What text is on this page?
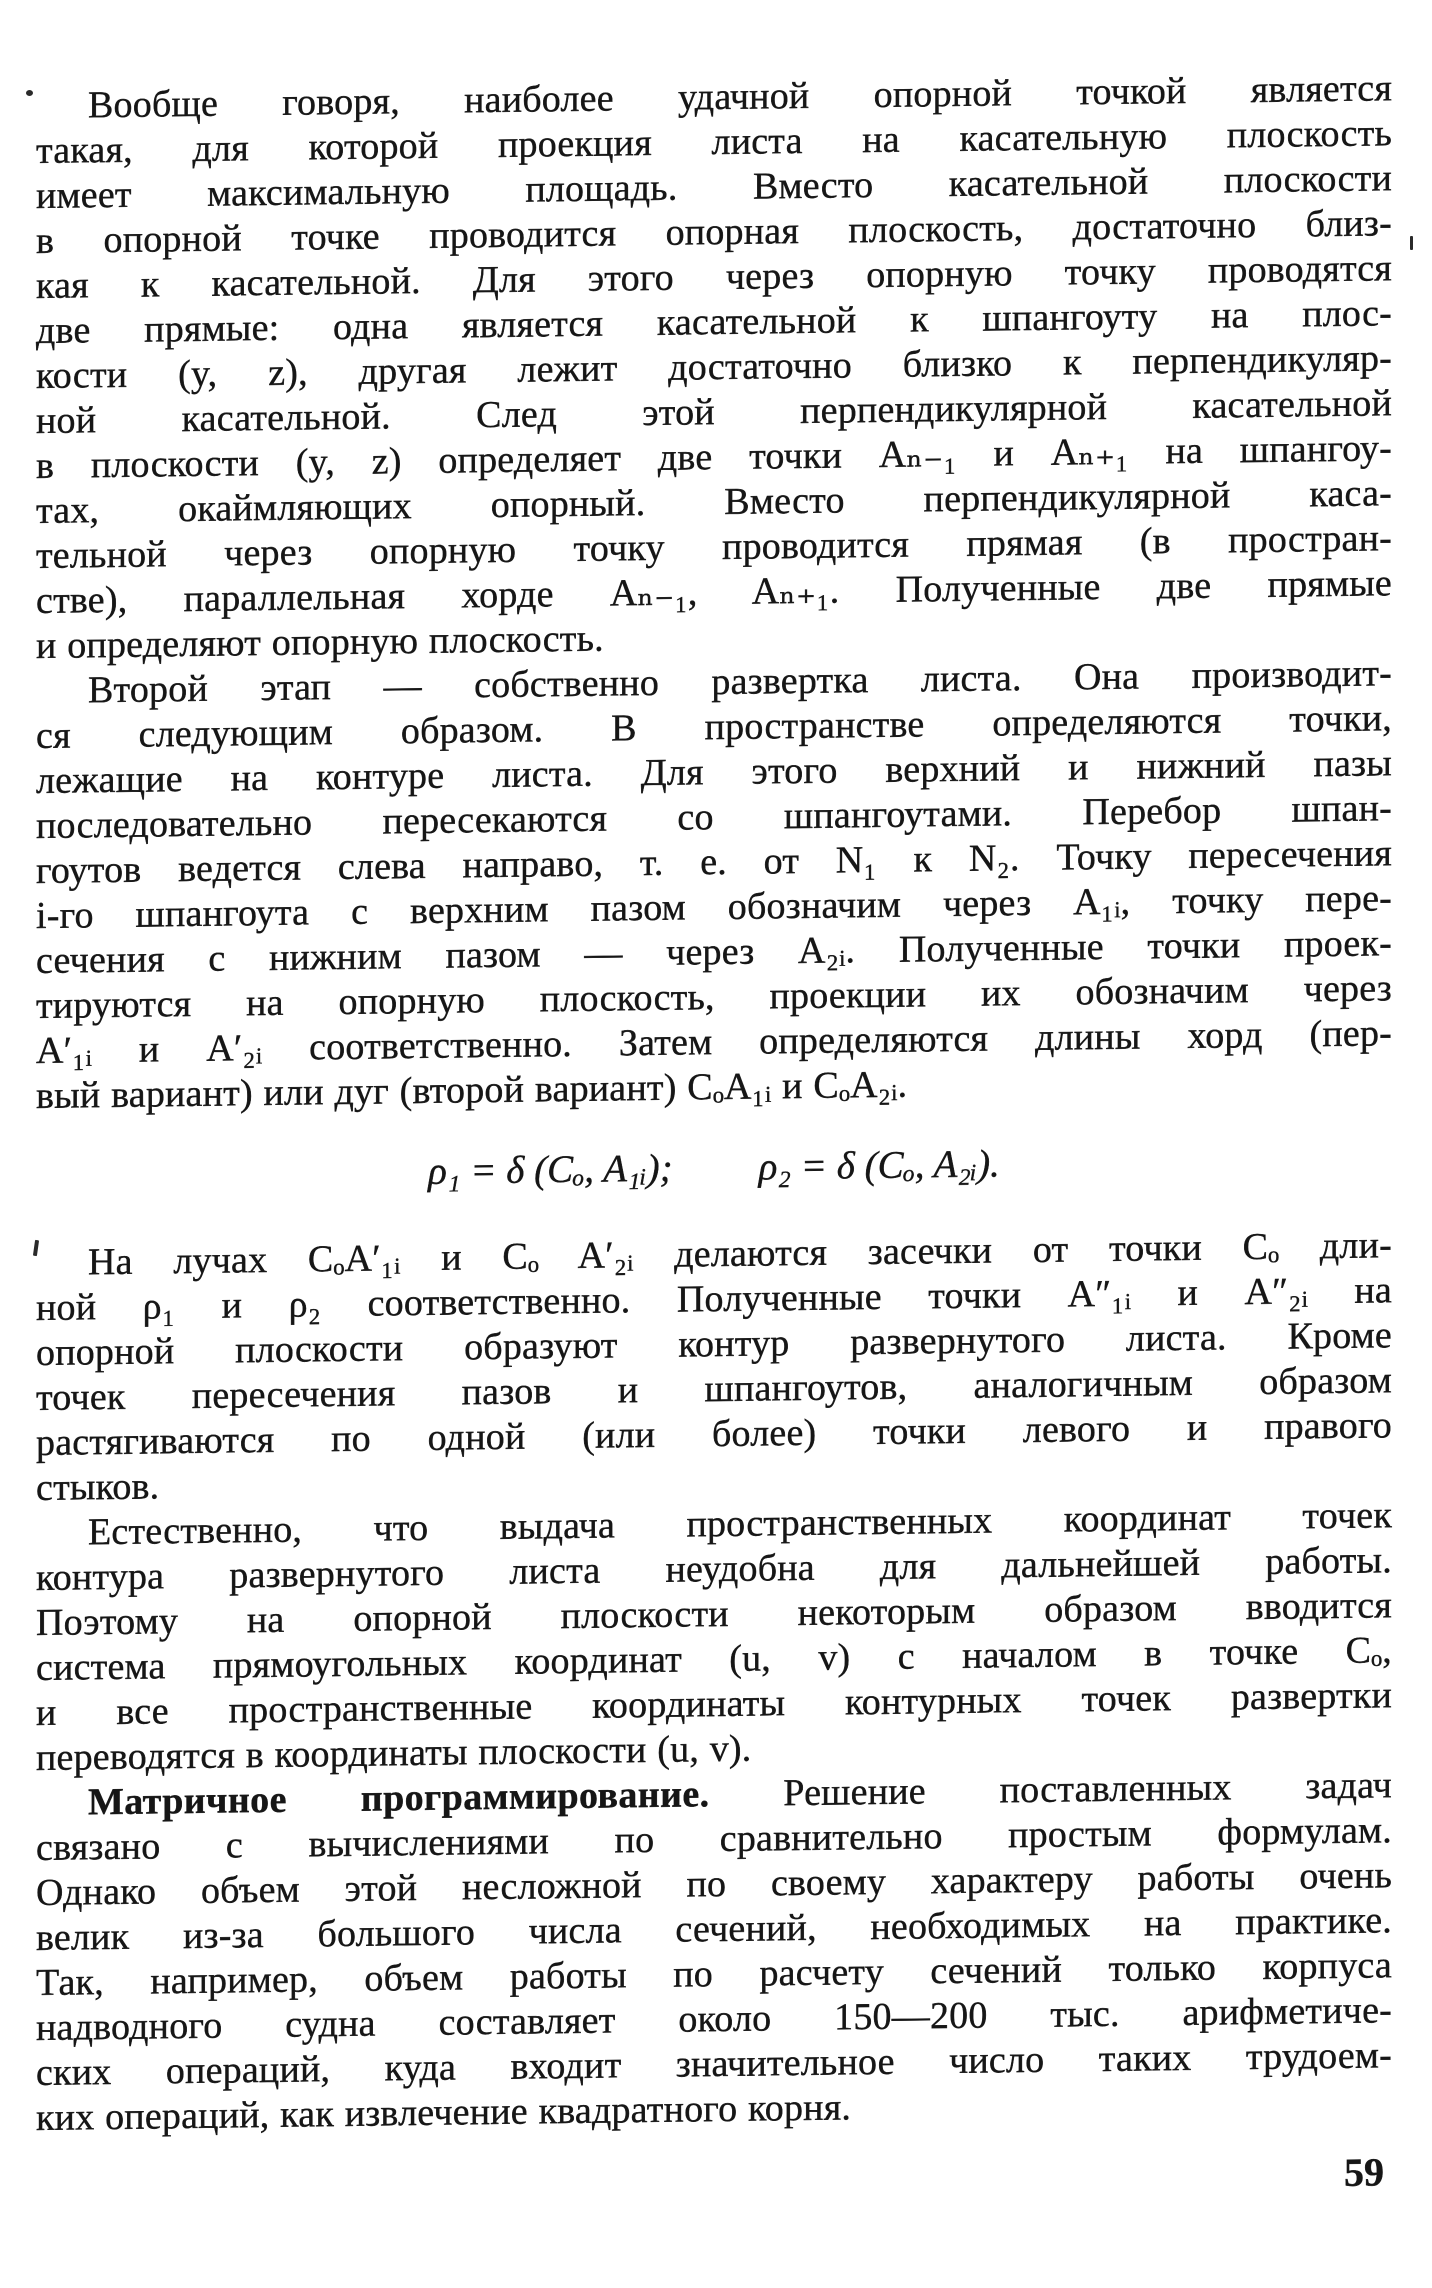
Вообще говоря, наиболее удачной опорной точкой является
такая, для которой проекция листа на касательную плоскость
имеет максимальную площадь. Вместо касательной плоскости
в опорной точке проводится опорная плоскость, достаточно близ-
кая к касательной. Для этого через опорную точку проводятся
две прямые: одна является касательной к шпангоуту на плос-
кости (y, z), другая лежит достаточно близко к перпендикуляр-
ной касательной. След этой перпендикулярной касательной
в плоскости (y, z) определяет две точки Aₙ₋₁ и Aₙ₊₁ на шпангоу-
тах, окаймляющих опорный. Вместо перпендикулярной каса-
тельной через опорную точку проводится прямая (в простран-
стве), параллельная хорде Aₙ₋₁, Aₙ₊₁. Полученные две прямые
и определяют опорную плоскость.
Второй этап — собственно развертка листа. Она производит-
ся следующим образом. В пространстве определяются точки,
лежащие на контуре листа. Для этого верхний и нижний пазы
последовательно пересекаются со шпангоутами. Перебор шпан-
гоутов ведется слева направо, т. е. от N₁ к N₂. Точку пересечения
i-го шпангоута с верхним пазом обозначим через A₁ᵢ, точку пере-
сечения с нижним пазом — через A₂ᵢ. Полученные точки проек-
тируются на опорную плоскость, проекции их обозначим через
A′₁ᵢ и A′₂ᵢ соответственно. Затем определяются длины хорд (пер-
вый вариант) или дуг (второй вариант) CₒA₁ᵢ и CₒA₂ᵢ.
ρ₁ = δ (Cₒ, A₁ᵢ); ρ₂ = δ (Cₒ, A₂ᵢ).
На лучах CₒA′₁ᵢ и Cₒ A′₂ᵢ делаются засечки от точки Cₒ дли-
ной ρ₁ и ρ₂ соответственно. Полученные точки A″₁ᵢ и A″₂ᵢ на
опорной плоскости образуют контур развернутого листа. Кроме
точек пересечения пазов и шпангоутов, аналогичным образом
растягиваются по одной (или более) точки левого и правого
стыков.
Естественно, что выдача пространственных координат точек
контура развернутого листа неудобна для дальнейшей работы.
Поэтому на опорной плоскости некоторым образом вводится
система прямоугольных координат (u, v) с началом в точке Cₒ,
и все пространственные координаты контурных точек развертки
переводятся в координаты плоскости (u, v).
Матричное программирование. Решение поставленных задач
связано с вычислениями по сравнительно простым формулам.
Однако объем этой несложной по своему характеру работы очень
велик из-за большого числа сечений, необходимых на практике.
Так, например, объем работы по расчету сечений только корпуса
надводного судна составляет около 150—200 тыс. арифметиче-
ских операций, куда входит значительное число таких трудоем-
ких операций, как извлечение квадратного корня.
59
